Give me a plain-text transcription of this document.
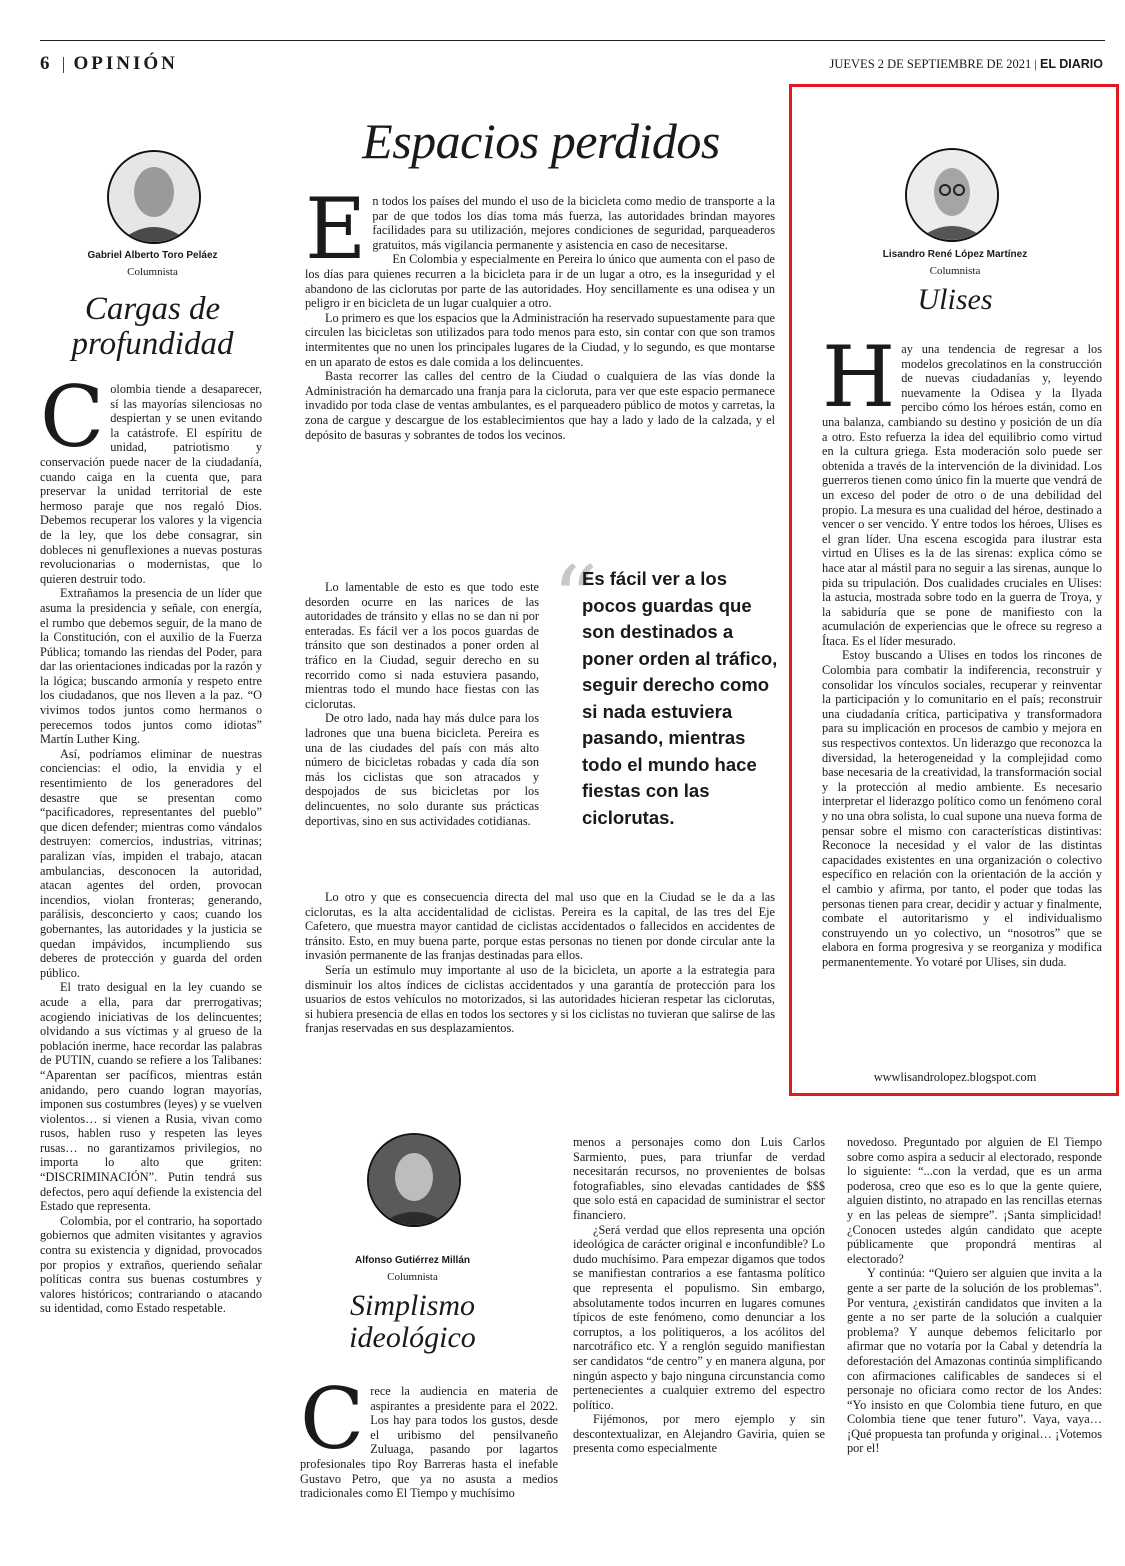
6 OPINIÓN	JUEVES 2 DE SEPTIEMBRE DE 2021 | EL DIARIO
Gabriel Alberto Toro Peláez
Columnista
Cargas de
profundidad

Colombia tiende a desaparecer, sí las mayorías silenciosas no despiertan y se unen evitando la catástrofe. El espíritu de unidad, patriotismo y conservación puede nacer de la ciudadanía, cuando caiga en la cuenta que, para preservar la unidad territorial de este hermoso paraje que nos regaló Dios. Debemos recuperar los valores y la vigencia de la ley, que los debe consagrar, sin dobleces ni genuflexiones a nuevas posturas revolucionarias o modernistas, que lo quieren destruir todo.

Extrañamos la presencia de un líder que asuma la presidencia y señale, con energía, el rumbo que debemos seguir, de la mano de la Constitución, con el auxilio de la Fuerza Pública; tomando las riendas del Poder, para dar las orientaciones indicadas por la razón y la lógica; buscando armonía y respeto entre los ciudadanos, que nos lleven a la paz. “O vivimos todos juntos como hermanos o perecemos todos juntos como idiotas” Martín Luther King.

Así, podríamos eliminar de nuestras conciencias: el odio, la envidia y el resentimiento de los generadores del desastre que se presentan como “pacificadores, representantes del pueblo” que dicen defender; mientras como vándalos destruyen: comercios, industrias, vitrinas; paralizan vías, impiden el trabajo, atacan ambulancias, desconocen la autoridad, atacan agentes del orden, provocan incendios, violan fronteras; generando, parálisis, desconcierto y caos; cuando los gobernantes, las autoridades y la justicia se quedan impávidos, incumpliendo sus deberes de protección y guarda del orden público.

El trato desigual en la ley cuando se acude a ella, para dar prerrogativas; acogiendo iniciativas de los delincuentes; olvidando a sus víctimas y al grueso de la población inerme, hace recordar las palabras de PUTIN, cuando se refiere a los Talibanes: “Aparentan ser pacíficos, mientras están anidando, pero cuando logran mayorías, imponen sus costumbres (leyes) y se vuelven violentos… si vienen a Rusia, vivan como rusos, hablen ruso y respeten las leyes rusas… no garantizamos privilegios, no importa lo alto que griten: “DISCRIMINACIÓN”. Putin tendrá sus defectos, pero aquí defiende la existencia del Estado que representa.

Colombia, por el contrario, ha soportado gobiernos que admiten visitantes y agravios contra su existencia y dignidad, provocados por propios y extraños, queriendo señalar políticas contra sus buenas costumbres y valores históricos; contrariando o atacando su identidad, como Estado respetable.

Espacios perdidos

En todos los países del mundo el uso de la bicicleta como medio de transporte a la par de que todos los días toma más fuerza, las autoridades brindan mayores facilidades para su utilización, mejores condiciones de seguridad, parqueaderos gratuitos, más vigilancia permanente y asistencia en caso de necesitarse.

En Colombia y especialmente en Pereira lo único que aumenta con el paso de los días para quienes recurren a la bicicleta para ir de un lugar a otro, es la inseguridad y el abandono de las ciclorutas por parte de las autoridades. Hoy sencillamente es una odisea y un peligro ir en bicicleta de un lugar cualquier a otro.

Lo primero es que los espacios que la Administración ha reservado supuestamente para que circulen las bicicletas son utilizados para todo menos para esto, sin contar con que son tramos intermitentes que no unen los principales lugares de la Ciudad, y lo segundo, es que montarse en un aparato de estos es dale comida a los delincuentes.

Basta recorrer las calles del centro de la Ciudad o cualquiera de las vías donde la Administración ha demarcado una franja para la cicloruta, para ver que este espacio permanece invadido por toda clase de ventas ambulantes, es el parqueadero público de motos y carretas, la zona de cargue y descargue de los establecimientos que hay a lado y lado de la calzada, y el depósito de basuras y sobrantes de todos los vecinos.

Lo lamentable de esto es que todo este desorden ocurre en las narices de las autoridades de tránsito y ellas no se dan ni por enteradas. Es fácil ver a los pocos guardas de tránsito que son destinados a poner orden al tráfico en la Ciudad, seguir derecho en su recorrido como si nada estuviera pasando, mientras todo el mundo hace fiestas con las ciclorutas.

De otro lado, nada hay más dulce para los ladrones que una buena bicicleta. Pereira es una de las ciudades del país con más alto número de bicicletas robadas y cada día son más los ciclistas que son atracados y despojados de sus bicicletas por los delincuentes, no solo durante sus prácticas deportivas, sino en sus actividades cotidianas.

“
Es fácil ver a los pocos guardas que son destinados a poner orden al tráfico, seguir derecho como si nada estuviera pasando, mientras todo el mundo hace fiestas con las ciclorutas.

Lo otro y que es consecuencia directa del mal uso que en la Ciudad se le da a las ciclorutas, es la alta accidentalidad de ciclistas. Pereira es la capital, de las tres del Eje Cafetero, que muestra mayor cantidad de ciclistas accidentados o fallecidos en accidentes de tránsito. Esto, en muy buena parte, porque estas personas no tienen por donde circular ante la invasión permanente de las franjas destinadas para ellos.

Sería un estímulo muy importante al uso de la bicicleta, un aporte a la estrategia para disminuir los altos índices de ciclistas accidentados y una garantía de protección para los usuarios de estos vehículos no motorizados, si las autoridades hicieran respetar las ciclorutas, si hubiera presencia de ellas en todos los sectores y si los ciclistas no tuvieran que salirse de las franjas reservadas en sus desplazamientos.

Lisandro René López Martínez
Columnista
Ulises

Hay una tendencia de regresar a los modelos grecolatinos en la construcción de nuevas ciudadanías y, leyendo nuevamente la Odisea y la Ilyada percibo cómo los héroes están, como en una balanza, cambiando su destino y posición de un día a otro. Esto refuerza la idea del equilibrio como virtud en la cultura griega. Esta moderación solo puede ser obtenida a través de la intervención de la divinidad. Los guerreros tienen como único fin la muerte que vendrá de un exceso del poder de otro o de una debilidad del propio. La mesura es una cualidad del héroe, destinado a vencer o ser vencido. Y entre todos los héroes, Ulises es el gran líder. Una escena escogida para ilustrar esta virtud en Ulises es la de las sirenas: explica cómo se hace atar al mástil para no seguir a las sirenas, aunque lo pida su tripulación. Dos cualidades cruciales en Ulises: la astucia, mostrada sobre todo en la guerra de Troya, y la sabiduría que se pone de manifiesto con la acumulación de experiencias que le ofrece su regreso a Ítaca. Es el líder mesurado.

Estoy buscando a Ulises en todos los rincones de Colombia para combatir la indiferencia, reconstruir y consolidar los vínculos sociales, recuperar y reinventar la participación y lo comunitario en el país; reconstruir una ciudadanía crítica, participativa y transformadora para su implicación en procesos de cambio y mejora en sus respectivos contextos. Un liderazgo que reconozca la diversidad, la heterogeneidad y la complejidad como base necesaria de la creatividad, la transformación social y la protección al medio ambiente. Es necesario interpretar el liderazgo político como un fenómeno coral y no una obra solista, lo cual supone una nueva forma de pensar sobre el mismo con características distintivas: Reconoce la necesidad y el valor de las distintas capacidades existentes en una organización o colectivo específico en relación con la orientación de la acción y el cambio y afirma, por tanto, el poder que todas las personas tienen para crear, decidir y actuar y finalmente, combate el autoritarismo y el individualismo construyendo un yo colectivo, un “nosotros” que se elabora en forma progresiva y se reorganiza y modifica permanentemente. Yo votaré por Ulises, sin duda.

wwwlisandrolopez.blogspot.com
Alfonso Gutiérrez Millán
Columnista
Simplismo
ideológico

Crece la audiencia en materia de aspirantes a presidente para el 2022. Los hay para todos los gustos, desde el uribismo del pensilvaneño Zuluaga, pasando por lagartos profesionales tipo Roy Barreras hasta el inefable Gustavo Petro, que ya no asusta a medios tradicionales como El Tiempo y muchísimo

menos a personajes como don Luis Carlos Sarmiento, pues, para triunfar de verdad necesitarán recursos, no provenientes de bolsas fotografiables, sino elevadas cantidades de $$$ que solo está en capacidad de suministrar el sector financiero.

¿Será verdad que ellos representa una opción ideológica de carácter original e inconfundible? Lo dudo muchísimo. Para empezar digamos que todos se manifiestan contrarios a ese fantasma político que representa el populismo. Sin embargo, absolutamente todos incurren en lugares comunes típicos de este fenómeno, como denunciar a los corruptos, a los politiqueros, a los acólitos del narcotráfico etc. Y a renglón seguido manifiestan ser candidatos “de centro” y en manera alguna, por ningún aspecto y bajo ninguna circunstancia como pertenecientes a cualquier extremo del espectro político.

Fijémonos, por mero ejemplo y sin descontextualizar, en Alejandro Gaviria, quien se presenta como especialmente

novedoso. Preguntado por alguien de El Tiempo sobre como aspira a seducir al electorado, responde lo siguiente: “...con la verdad, que es un arma poderosa, creo que eso es lo que la gente quiere, alguien distinto, no atrapado en las rencillas eternas y en las peleas de siempre”. ¡Santa simplicidad! ¿Conocen ustedes algún candidato que acepte públicamente que propondrá mentiras al electorado?

Y continúa: “Quiero ser alguien que invita a la gente a ser parte de la solución de los problemas”. Por ventura, ¿existirán candidatos que inviten a la gente a no ser parte de la solución a cualquier problema? Y aunque debemos felicitarlo por afirmar que no votaría por la Cabal y detendría la deforestación del Amazonas continúa simplificando con afirmaciones calificables de sandeces si el personaje no oficiara como rector de los Andes: “Yo insisto en que Colombia tiene futuro, en que Colombia tiene que tener futuro”. Vaya, vaya…¡Qué propuesta tan profunda y original… ¡Votemos por el!
